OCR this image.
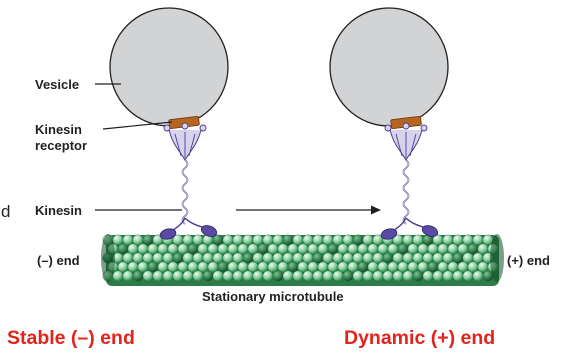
d
Vesicle
Kinesin
receptor
Kinesin
(–) end	(+) end
Stationary microtubule
Stable (–) end	Dynamic (+) end
